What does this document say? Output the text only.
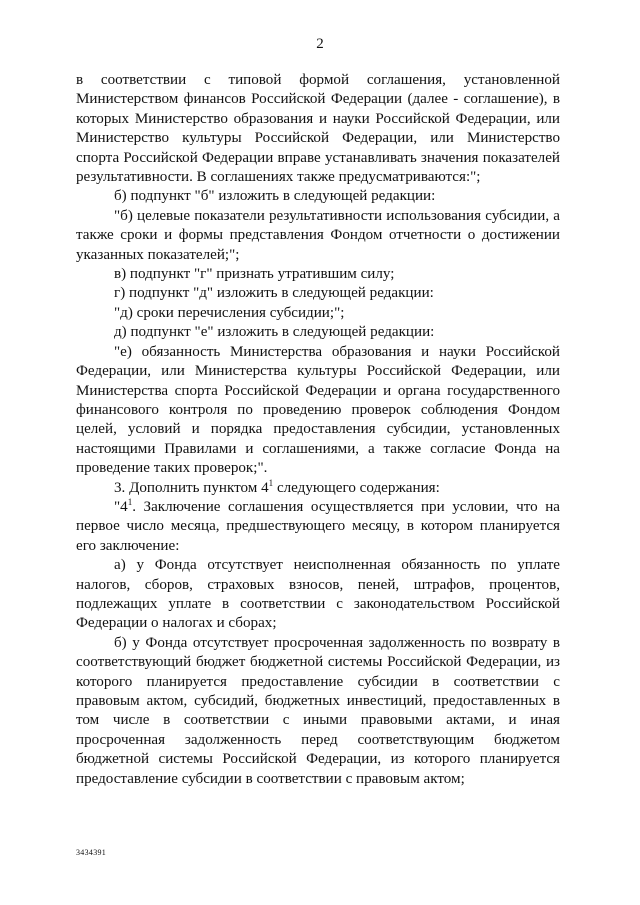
2

в соответствии с типовой формой соглашения, установленной Министерством финансов Российской Федерации (далее - соглашение), в которых Министерство образования и науки Российской Федерации, или Министерство культуры Российской Федерации, или Министерство спорта Российской Федерации вправе устанавливать значения показателей результативности. В соглашениях также предусматриваются:";

б) подпункт "б" изложить в следующей редакции:

"б) целевые показатели результативности использования субсидии, а также сроки и формы представления Фондом отчетности о достижении указанных показателей;";

в) подпункт "г" признать утратившим силу;

г) подпункт "д" изложить в следующей редакции:

"д) сроки перечисления субсидии;";

д) подпункт "е" изложить в следующей редакции:

"е) обязанность Министерства образования и науки Российской Федерации, или Министерства культуры Российской Федерации, или Министерства спорта Российской Федерации и органа государственного финансового контроля по проведению проверок соблюдения Фондом целей, условий и порядка предоставления субсидии, установленных настоящими Правилами и соглашениями, а также согласие Фонда на проведение таких проверок;".

3. Дополнить пунктом $4^1$ следующего содержания:

"$4^1$. Заключение соглашения осуществляется при условии, что на первое число месяца, предшествующего месяцу, в котором планируется его заключение:

а) у Фонда отсутствует неисполненная обязанность по уплате налогов, сборов, страховых взносов, пеней, штрафов, процентов, подлежащих уплате в соответствии с законодательством Российской Федерации о налогах и сборах;

б) у Фонда отсутствует просроченная задолженность по возврату в соответствующий бюджет бюджетной системы Российской Федерации, из которого планируется предоставление субсидии в соответствии с правовым актом, субсидий, бюджетных инвестиций, предоставленных в том числе в соответствии с иными правовыми актами, и иная просроченная задолженность перед соответствующим бюджетом бюджетной системы Российской Федерации, из которого планируется предоставление субсидии в соответствии с правовым актом;

3434391
